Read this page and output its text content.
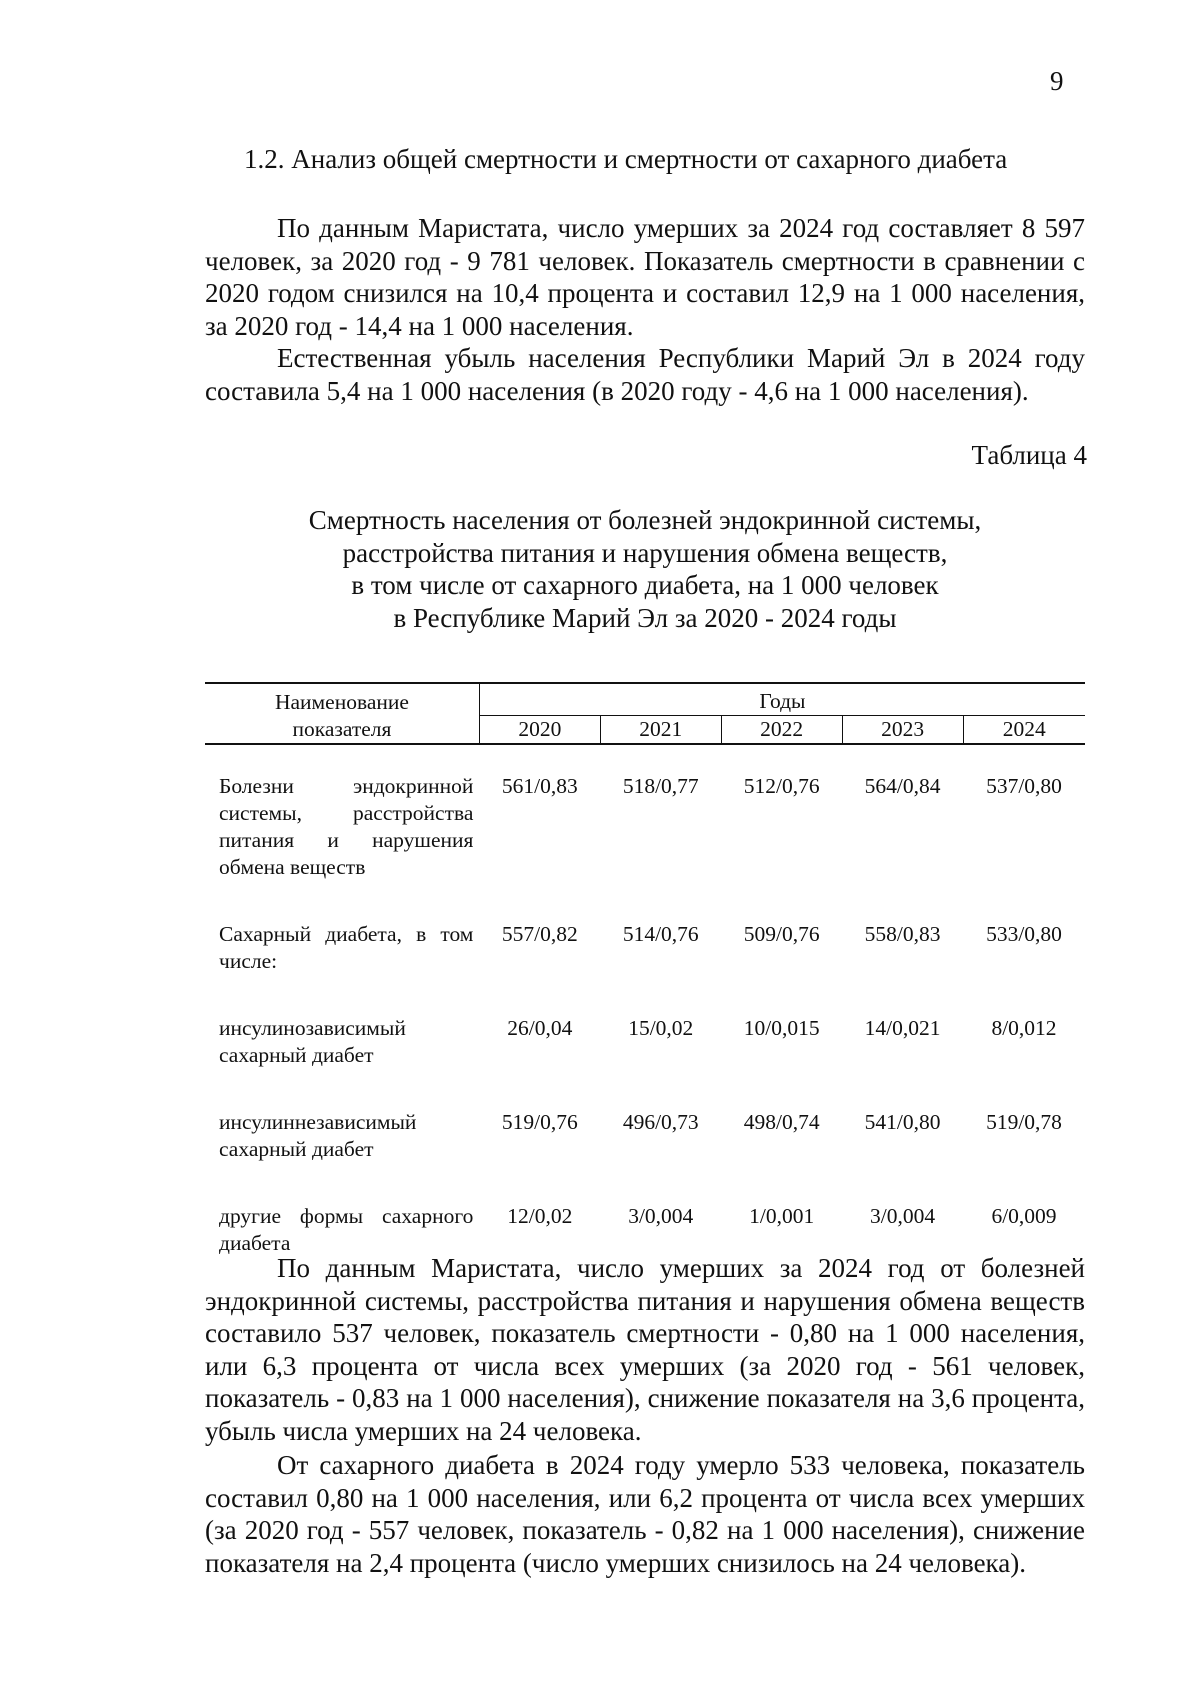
9
1.2. Анализ общей смертности и смертности от сахарного диабета

По данным Маристата, число умерших за 2024 год составляет 8 597 человек, за 2020 год - 9 781 человек. Показатель смертности в сравнении с 2020 годом снизился на 10,4 процента и составил 12,9 на 1 000 населения, за 2020 год - 14,4 на 1 000 населения.

Естественная убыль населения Республики Марий Эл в 2024 году составила 5,4 на 1 000 населения (в 2020 году - 4,6 на 1 000 населения).

Таблица 4
Смертность населения от болезней эндокринной системы,
расстройства питания и нарушения обмена веществ,
в том числе от сахарного диабета, на 1 000 человек
в Республике Марий Эл за 2020 - 2024 годы
Наименование
показателя	Годы				
	2020	2021	2022	2023	2024

Болезни эндокринной системы, расстройства питания и нарушения обмена веществ	561/0,83	518/0,77	512/0,76	564/0,84	537/0,80

Сахарный диабета, в том числе:	557/0,82	514/0,76	509/0,76	558/0,83	533/0,80

инсулинозависимый сахарный диабет	26/0,04	15/0,02	10/0,015	14/0,021	8/0,012

инсулиннезависимый сахарный диабет	519/0,76	496/0,73	498/0,74	541/0,80	519/0,78

другие формы сахарного диабета	12/0,02	3/0,004	1/0,001	3/0,004	6/0,009

По данным Маристата, число умерших за 2024 год от болезней эндокринной системы, расстройства питания и нарушения обмена веществ составило 537 человек, показатель смертности - 0,80 на 1 000 населения, или 6,3 процента от числа всех умерших (за 2020 год - 561 человек, показатель - 0,83 на 1 000 населения), снижение показателя на 3,6 процента, убыль числа умерших на 24 человека.

От сахарного диабета в 2024 году умерло 533 человека, показатель составил 0,80 на 1 000 населения, или 6,2 процента от числа всех умерших (за 2020 год - 557 человек, показатель - 0,82 на 1 000 населения), снижение показателя на 2,4 процента (число умерших снизилось на 24 человека).
